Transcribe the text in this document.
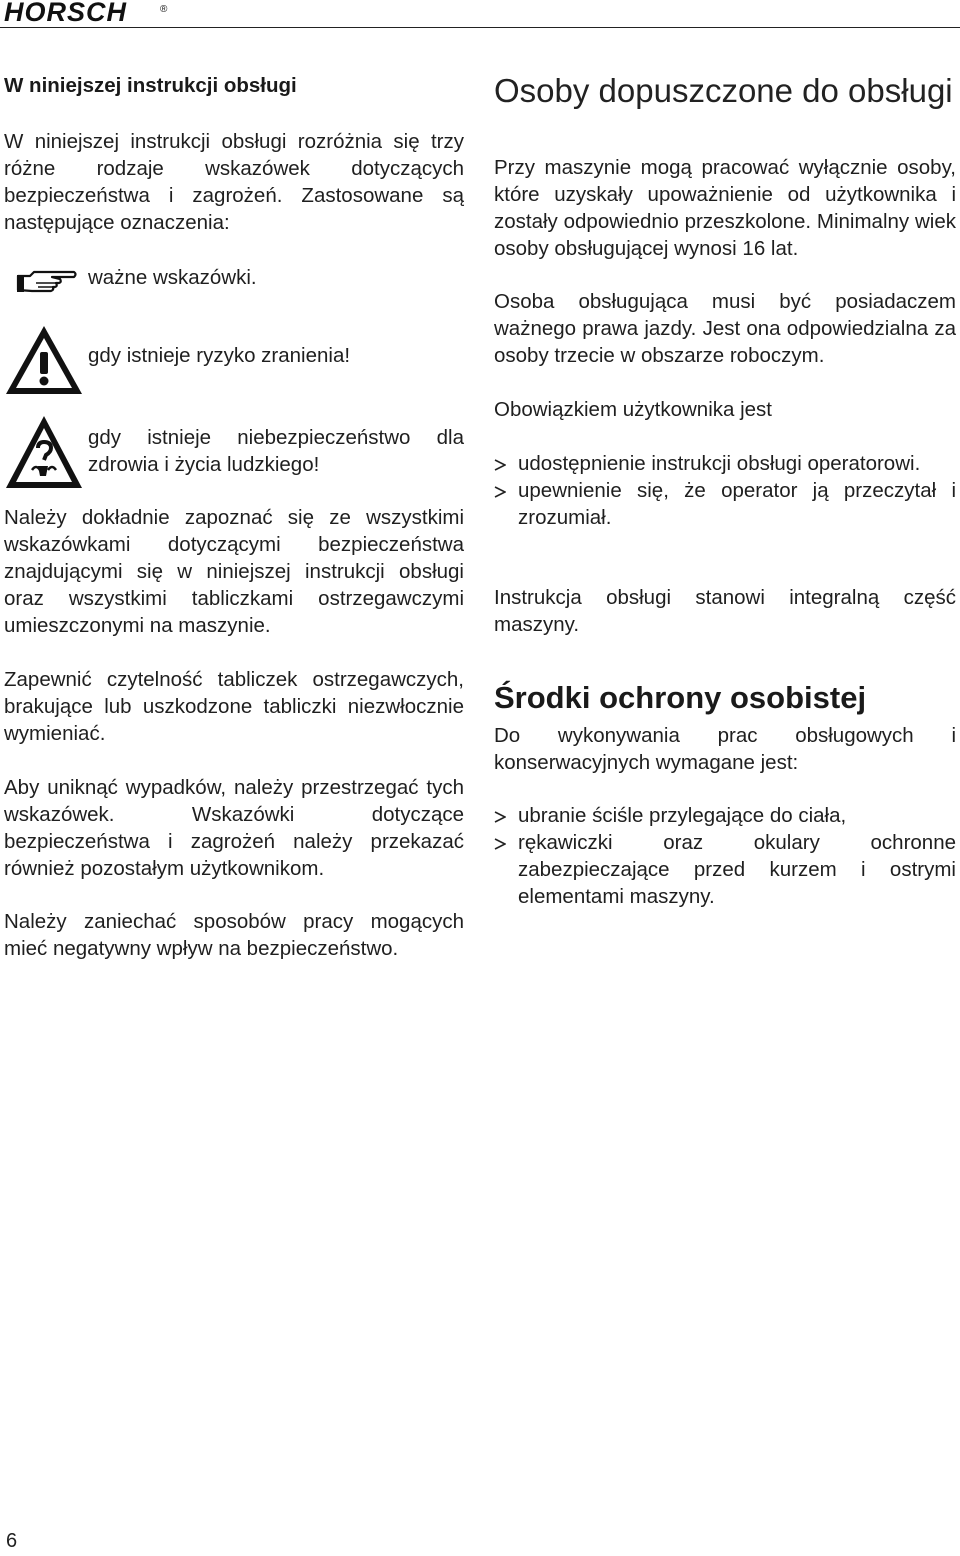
HORSCH	®
W niniejszej instrukcji obsługi

W niniejszej instrukcji obsługi rozróżnia się trzy różne rodzaje wskazówek dotyczących bezpieczeństwa i zagrożeń. Zastosowane są następujące oznaczenia:

ważne wskazówki.
gdy istnieje ryzyko zranienia!
gdy istnieje niebezpieczeństwo dla zdrowia i życia ludzkiego!

Należy dokładnie zapoznać się ze wszystkimi wskazówkami dotyczącymi bezpieczeństwa znajdującymi się w niniejszej instrukcji obsługi oraz wszystkimi tabliczkami ostrzegawczymi umieszczonymi na maszynie.

Zapewnić czytelność tabliczek ostrzegawczych, brakujące lub uszkodzone tabliczki niezwłocznie wymieniać.

Aby uniknąć wypadków, należy przestrzegać tych wskazówek. Wskazówki dotyczące bezpieczeństwa i zagrożeń należy przekazać również pozostałym użytkownikom.

Należy zaniechać sposobów pracy mogących mieć negatywny wpływ na bezpieczeństwo.

Osoby dopuszczone do obsługi

Przy maszynie mogą pracować wyłącznie osoby, które uzyskały upoważnienie od użytkownika i zostały odpowiednio przeszkolone. Minimalny wiek osoby obsługującej wynosi 16 lat.

Osoba obsługująca musi być posiadaczem ważnego prawa jazdy. Jest ona odpowiedzialna za osoby trzecie w obszarze roboczym.

Obowiązkiem użytkownika jest

udostępnienie instrukcji obsługi operatorowi.
upewnienie się, że operator ją przeczytał i zrozumiał.

Instrukcja obsługi stanowi integralną część maszyny.

Środki ochrony osobistej

Do wykonywania prac obsługowych i konserwacyjnych wymagane jest:

ubranie ściśle przylegające do ciała,
rękawiczki oraz okulary ochronne zabezpieczające przed kurzem i ostrymi elementami maszyny.
6
